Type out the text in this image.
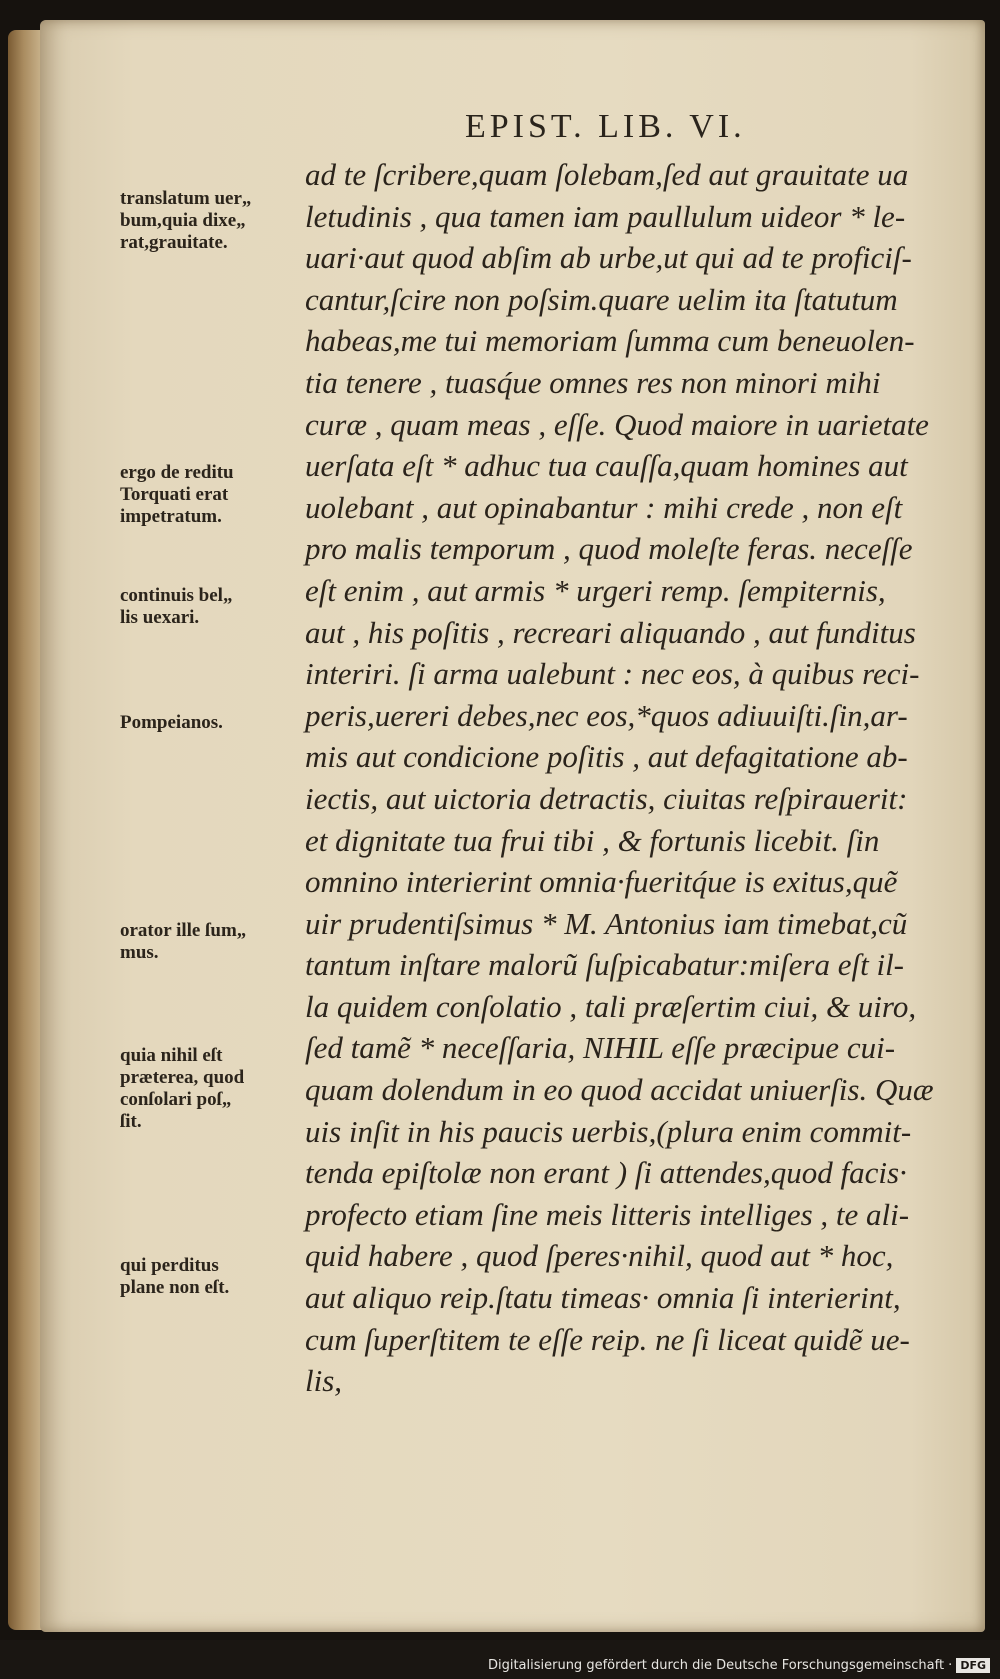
EPIST. LIB. VI.
ad te ſcribere,quam ſolebam,ſed aut grauitate ua
letudinis , qua tamen iam paullulum uideor * le-
uari·aut quod abſim ab urbe,ut qui ad te proficiſ-
cantur,ſcire non poſsim.quare uelim ita ſtatutum
habeas,me tui memoriam ſumma cum beneuolen-
tia tenere , tuasq́ue omnes res non minori mihi
curæ , quam meas , eſſe. Quod maiore in uarietate
uerſata eſt * adhuc tua cauſſa,quam homines aut
uolebant , aut opinabantur : mihi crede , non eſt
pro malis temporum , quod moleſte feras. neceſſe
eſt enim , aut armis * urgeri remp. ſempiternis,
aut , his poſitis , recreari aliquando , aut funditus
interiri. ſi arma ualebunt : nec eos, à quibus reci-
peris,uereri debes,nec eos,*quos adiuuiſti.ſin,ar-
mis aut condicione poſitis , aut defagitatione ab-
iectis, aut uictoria detractis, ciuitas reſpirauerit:
et dignitate tua frui tibi , & fortunis licebit. ſin
omnino interierint omnia·fueritq́ue is exitus,quẽ
uir prudentiſsimus * M. Antonius iam timebat,cũ
tantum inſtare malorũ ſuſpicabatur:miſera eſt il-
la quidem conſolatio , tali præſertim ciui, & uiro,
ſed tamẽ * neceſſaria, NIHIL eſſe præcipue cui-
quam dolendum in eo quod accidat uniuerſis. Quæ
uis inſit in his paucis uerbis,(plura enim commit-
tenda epiſtolæ non erant ) ſi attendes,quod facis·
profecto etiam ſine meis litteris intelliges , te ali-
quid habere , quod ſperes·nihil, quod aut * hoc,
aut aliquo reip.ſtatu timeas· omnia ſi interierint,
cum ſuperſtitem te eſſe reip. ne ſi liceat quidẽ ue-
lis,
translatum uer„
bum,quia dixe„
rat,grauitate.
ergo de reditu
Torquati erat
impetratum.
continuis bel„
lis uexari.
Pompeianos.
orator ille ſum„
mus.
quia nihil eſt
præterea, quod
conſolari poſ„
ſit.
qui perditus
plane non eſt.
Digitalisierung gefördert durch die Deutsche Forschungsgemeinschaft · DFG
